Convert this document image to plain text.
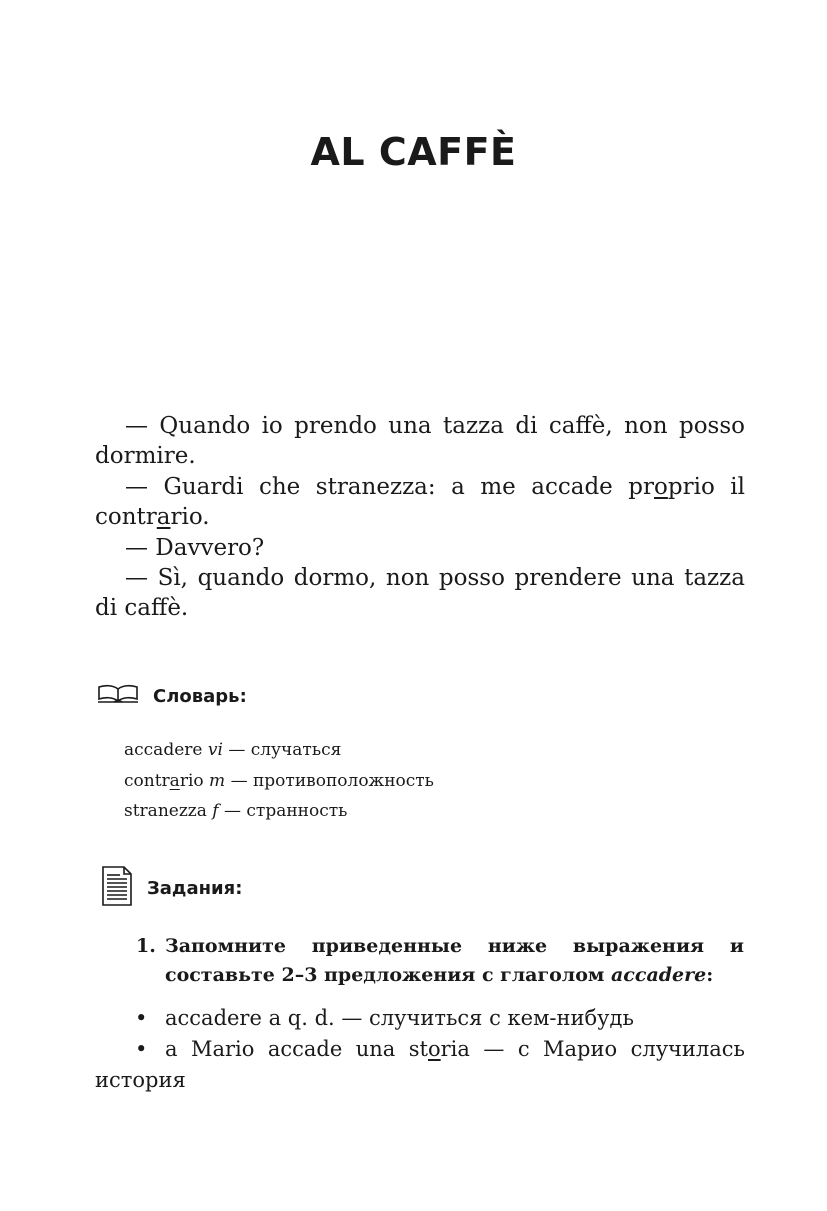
AL CAFFÈ

— Quando io prendo una tazza di caffè, non posso dormire.

— Guardi che stranezza: a me accade proprio il contrario.

— Davvero?

— Sì, quando dormo, non posso prendere una tazza di caffè.

Словарь:
accadere vi — случаться
contrario m — противоположность
stranezza f — странность
Задания:
1. Запомните приведенные ниже выражения и составьте 2–3 предложения с глаголом accadere:

• accadere a q. d. — случиться с кем-нибудь

• a Mario accade una storia — с Марио случилась история
